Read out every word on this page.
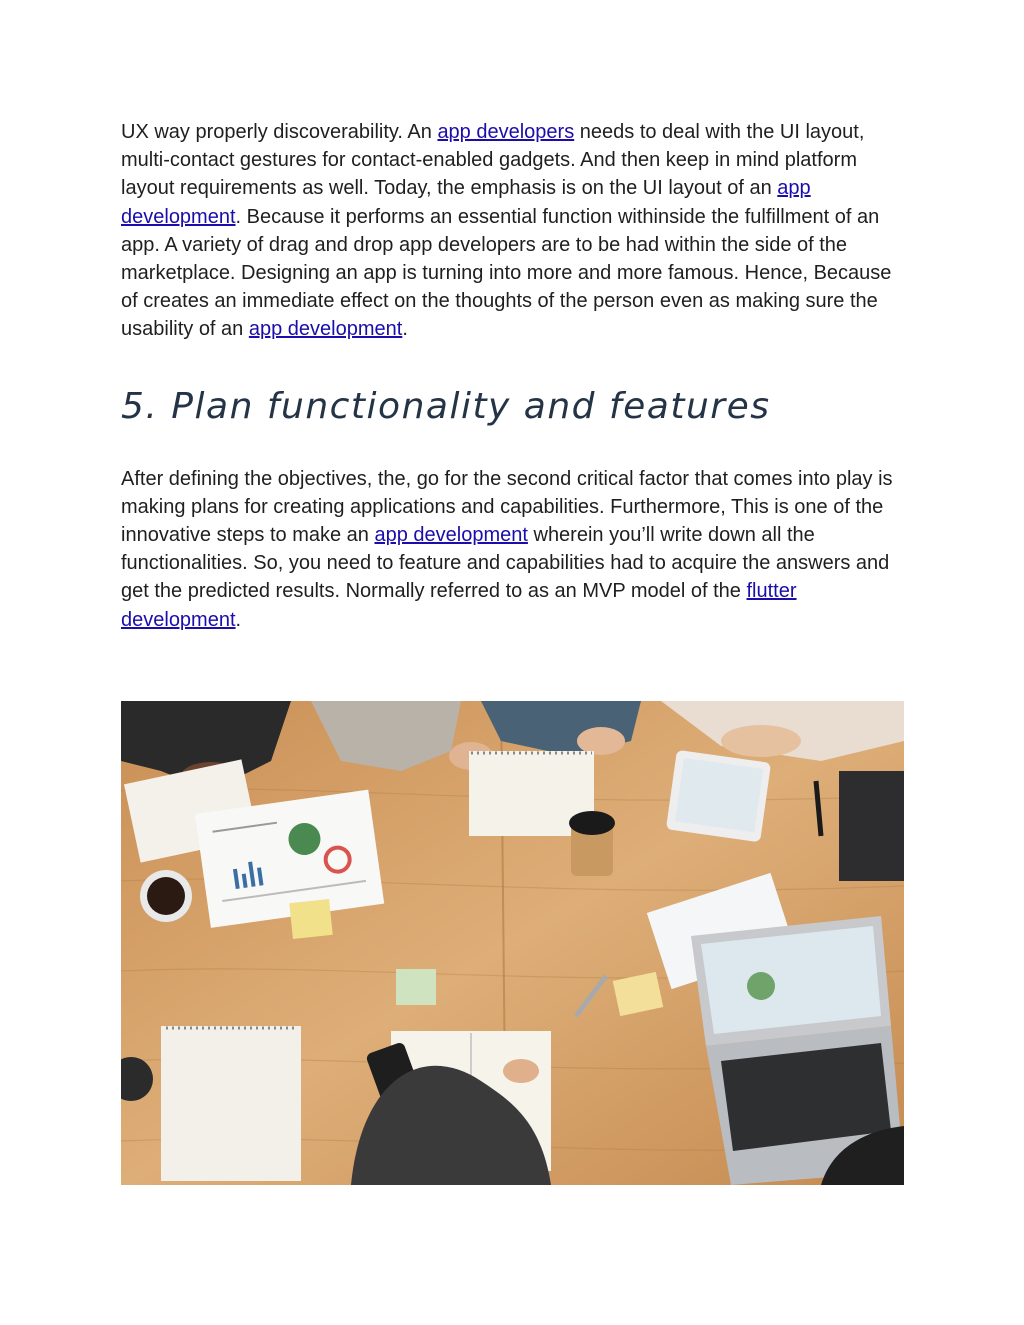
UX way properly discoverability. An app developers needs to deal with the UI layout, multi-contact gestures for contact-enabled gadgets. And then keep in mind platform layout requirements as well. Today, the emphasis is on the UI layout of an app development. Because it performs an essential function withinside the fulfillment of an app. A variety of drag and drop app developers are to be had within the side of the marketplace. Designing an app is turning into more and more famous. Hence, Because of creates an immediate effect on the thoughts of the person even as making sure the usability of an app development.

5. Plan functionality and features

After defining the objectives, the, go for the second critical factor that comes into play is making plans for creating applications and capabilities. Furthermore, This is one of the innovative steps to make an app development wherein you’ll write down all the functionalities. So, you need to feature and capabilities had to acquire the answers and get the predicted results. Normally referred to as an MVP model of the flutter development.
